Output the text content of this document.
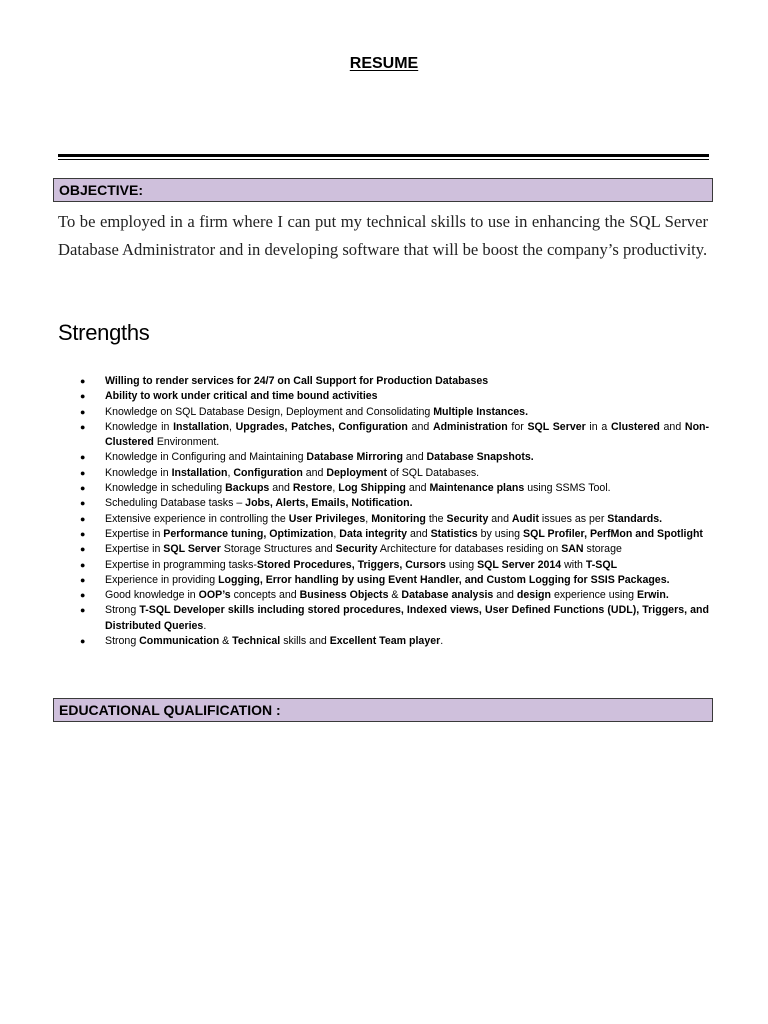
RESUME
OBJECTIVE:
To be employed in a firm where I can put my technical skills to use in enhancing the SQL Server Database Administrator and in developing software that will be boost the company’s productivity.
Strengths
● Willing to render services for 24/7 on Call Support for Production Databases
● Ability to work under critical and time bound activities
● Knowledge on SQL Database Design, Deployment and Consolidating Multiple Instances.
● Knowledge in Installation, Upgrades, Patches, Configuration and Administration for SQL Server in a Clustered and Non-Clustered Environment.
● Knowledge in Configuring and Maintaining Database Mirroring and Database Snapshots.
● Knowledge in Installation, Configuration and Deployment of SQL Databases.
● Knowledge in scheduling Backups and Restore, Log Shipping and Maintenance plans using SSMS Tool.
● Scheduling Database tasks – Jobs, Alerts, Emails, Notification.
● Extensive experience in controlling the User Privileges, Monitoring the Security and Audit issues as per Standards.
● Expertise in Performance tuning, Optimization, Data integrity and Statistics by using SQL Profiler, PerfMon and Spotlight
● Expertise in SQL Server Storage Structures and Security Architecture for databases residing on SAN storage
● Expertise in programming tasks-Stored Procedures, Triggers, Cursors using SQL Server 2014 with T-SQL
● Experience in providing Logging, Error handling by using Event Handler, and Custom Logging for SSIS Packages.
● Good knowledge in OOP’s concepts and Business Objects & Database analysis and design experience using Erwin.
● Strong T-SQL Developer skills including stored procedures, Indexed views, User Defined Functions (UDL), Triggers, and Distributed Queries.
● Strong Communication & Technical skills and Excellent Team player.
EDUCATIONAL QUALIFICATION :
